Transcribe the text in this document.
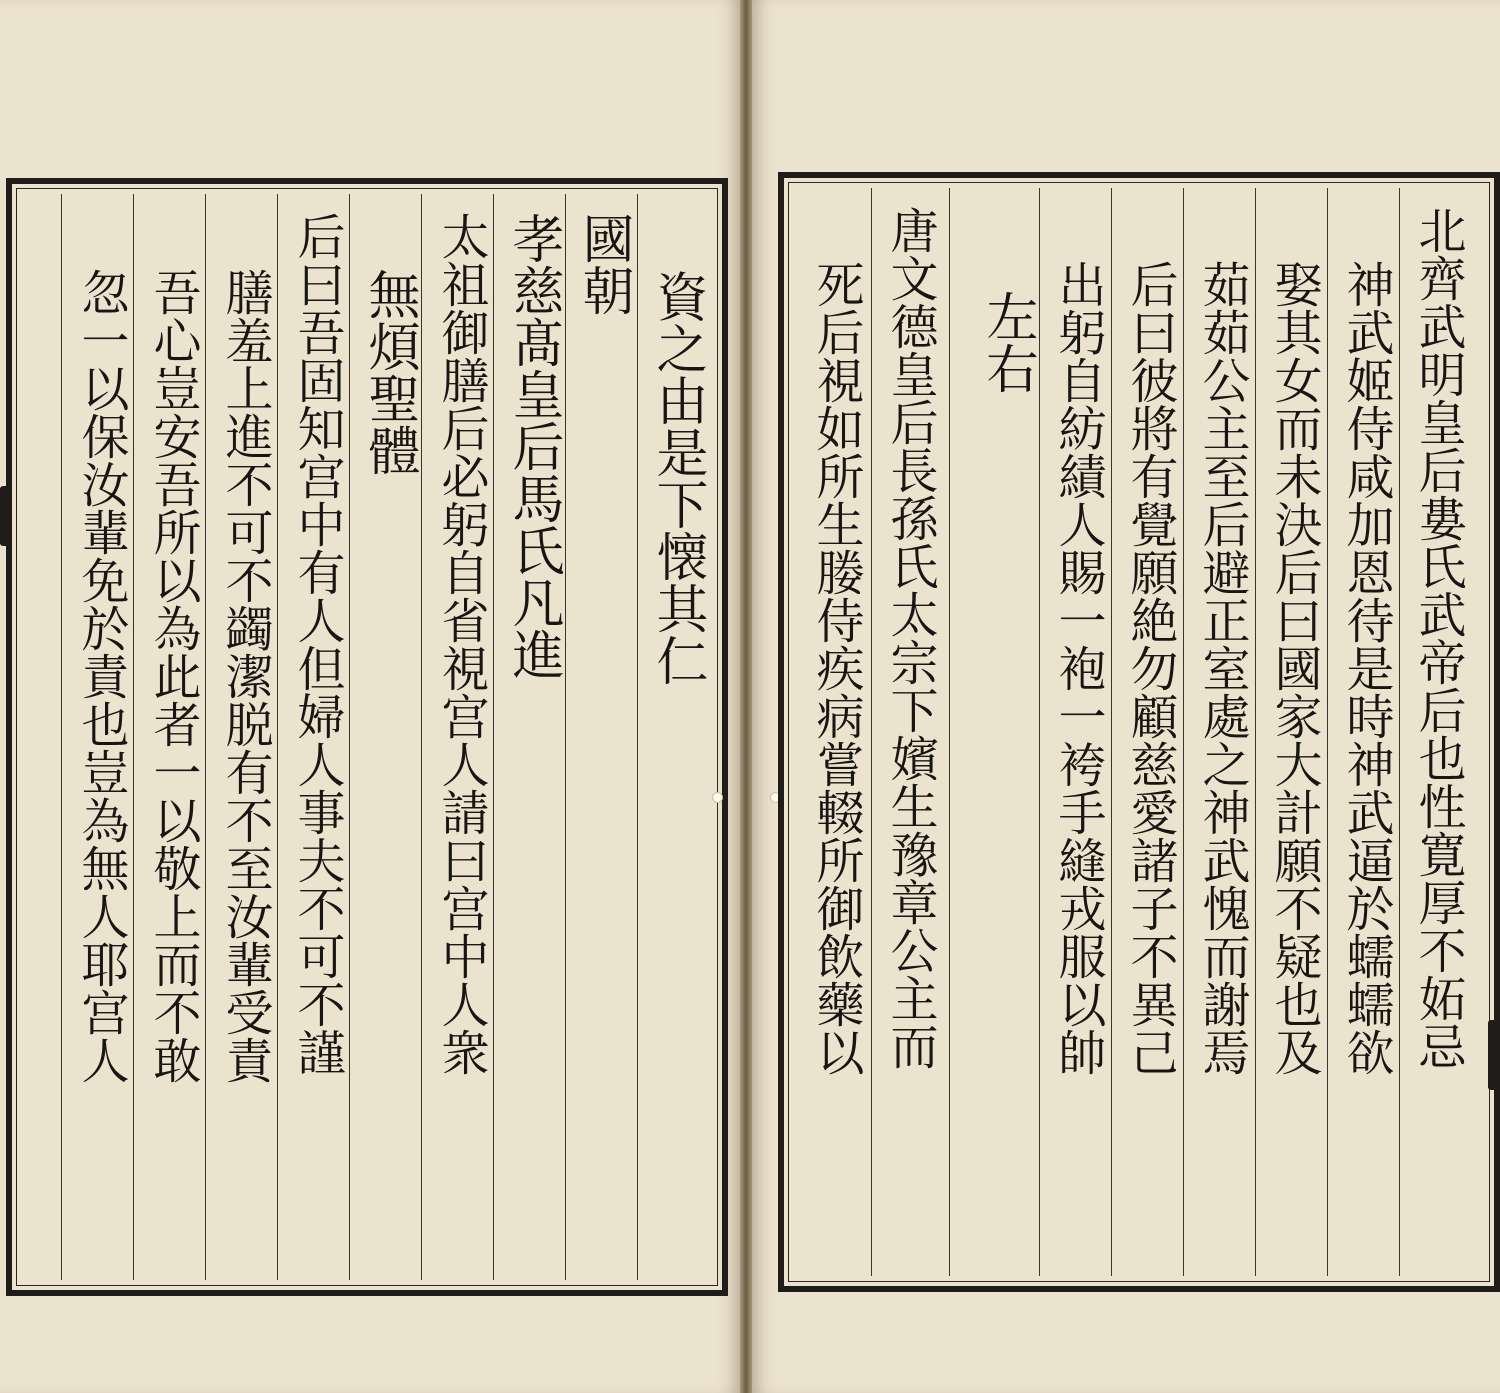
資之由是下懐其仁
國朝
孝慈髙皇后馬氏凡進
太祖御膳后必躬自省視宫人請曰宫中人衆
無煩聖體
后曰吾固知宫中有人但婦人事夫不可不謹
膳羞上進不可不蠲潔脱有不至汝輩受責
吾心豈安吾所以為此者一以敬上而不敢
忽一以保汝輩免於責也豈為無人耶宫人	北齊武明皇后婁氏武帝后也性寛厚不妬忌
神武姬侍咸加恩待是時神武逼於蠕蠕欲
娶其女而未決后曰國家大計願不疑也及
茹茹公主至后避正室處之神武愧而謝焉
后曰彼將有覺願絶勿顧慈愛諸子不異己
出躬自紡績人賜一袍一袴手縫戎服以帥
左右
唐文德皇后長孫氏太宗下嬪生豫章公主而
死后視如所生媵侍疾病嘗輟所御飲藥以
